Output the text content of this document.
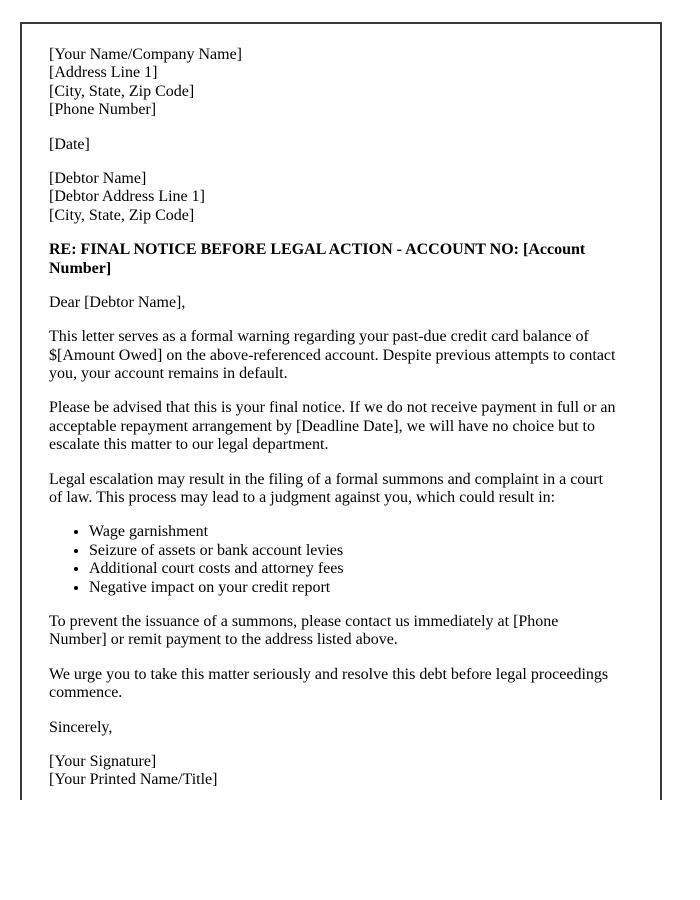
[Your Name/Company Name]
[Address Line 1]
[City, State, Zip Code]
[Phone Number]

[Date]

[Debtor Name]
[Debtor Address Line 1]
[City, State, Zip Code]

RE: FINAL NOTICE BEFORE LEGAL ACTION - ACCOUNT NO: [Account Number]

Dear [Debtor Name],

This letter serves as a formal warning regarding your past-due credit card balance of $[Amount Owed] on the above-referenced account. Despite previous attempts to contact you, your account remains in default.

Please be advised that this is your final notice. If we do not receive payment in full or an acceptable repayment arrangement by [Deadline Date], we will have no choice but to escalate this matter to our legal department.

Legal escalation may result in the filing of a formal summons and complaint in a court of law. This process may lead to a judgment against you, which could result in:

• Wage garnishment
• Seizure of assets or bank account levies
• Additional court costs and attorney fees
• Negative impact on your credit report

To prevent the issuance of a summons, please contact us immediately at [Phone Number] or remit payment to the address listed above.

We urge you to take this matter seriously and resolve this debt before legal proceedings commence.

Sincerely,

[Your Signature]
[Your Printed Name/Title]
